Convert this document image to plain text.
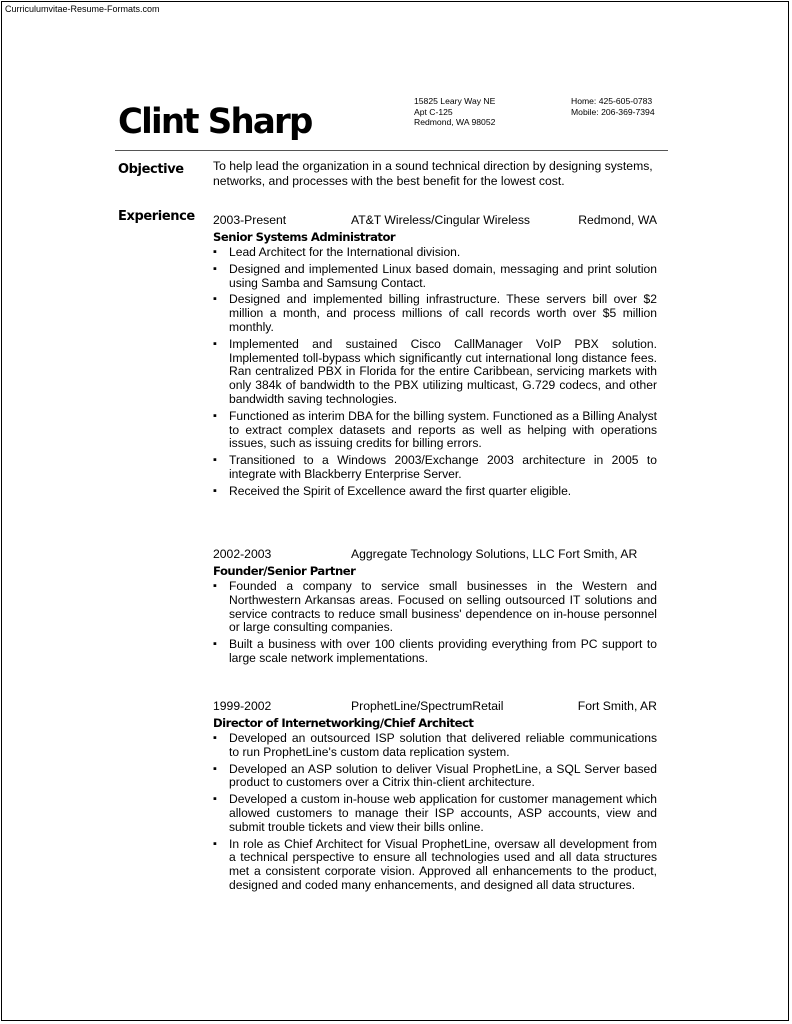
Curriculumvitae-Resume-Formats.com
Clint Sharp
15825 Leary Way NE
Apt C-125
Redmond, WA 98052
Home: 425-605-0783
Mobile: 206-369-7394
Objective To help lead the organization in a sound technical direction by designing systems, networks, and processes with the best benefit for the lowest cost.
Experience 2003-Present	AT&T Wireless/Cingular Wireless	Redmond, WA
Senior Systems Administrator
▪ Lead Architect for the International division.
▪ Designed and implemented Linux based domain, messaging and print solution using Samba and Samsung Contact.
▪ Designed and implemented billing infrastructure. These servers bill over $2 million a month, and process millions of call records worth over $5 million monthly.
▪ Implemented and sustained Cisco CallManager VoIP PBX solution. Implemented toll-bypass which significantly cut international long distance fees. Ran centralized PBX in Florida for the entire Caribbean, servicing markets with only 384k of bandwidth to the PBX utilizing multicast, G.729 codecs, and other bandwidth saving technologies.
▪ Functioned as interim DBA for the billing system. Functioned as a Billing Analyst to extract complex datasets and reports as well as helping with operations issues, such as issuing credits for billing errors.
▪ Transitioned to a Windows 2003/Exchange 2003 architecture in 2005 to integrate with Blackberry Enterprise Server.
▪ Received the Spirit of Excellence award the first quarter eligible.
2002-2003	Aggregate Technology Solutions, LLC Fort Smith, AR
Founder/Senior Partner
▪ Founded a company to service small businesses in the Western and Northwestern Arkansas areas. Focused on selling outsourced IT solutions and service contracts to reduce small business' dependence on in-house personnel or large consulting companies.
▪ Built a business with over 100 clients providing everything from PC support to large scale network implementations.
1999-2002	ProphetLine/SpectrumRetail	Fort Smith, AR
Director of Internetworking/Chief Architect
▪ Developed an outsourced ISP solution that delivered reliable communications to run ProphetLine's custom data replication system.
▪ Developed an ASP solution to deliver Visual ProphetLine, a SQL Server based product to customers over a Citrix thin-client architecture.
▪ Developed a custom in-house web application for customer management which allowed customers to manage their ISP accounts, ASP accounts, view and submit trouble tickets and view their bills online.
▪ In role as Chief Architect for Visual ProphetLine, oversaw all development from a technical perspective to ensure all technologies used and all data structures met a consistent corporate vision. Approved all enhancements to the product, designed and coded many enhancements, and designed all data structures.
